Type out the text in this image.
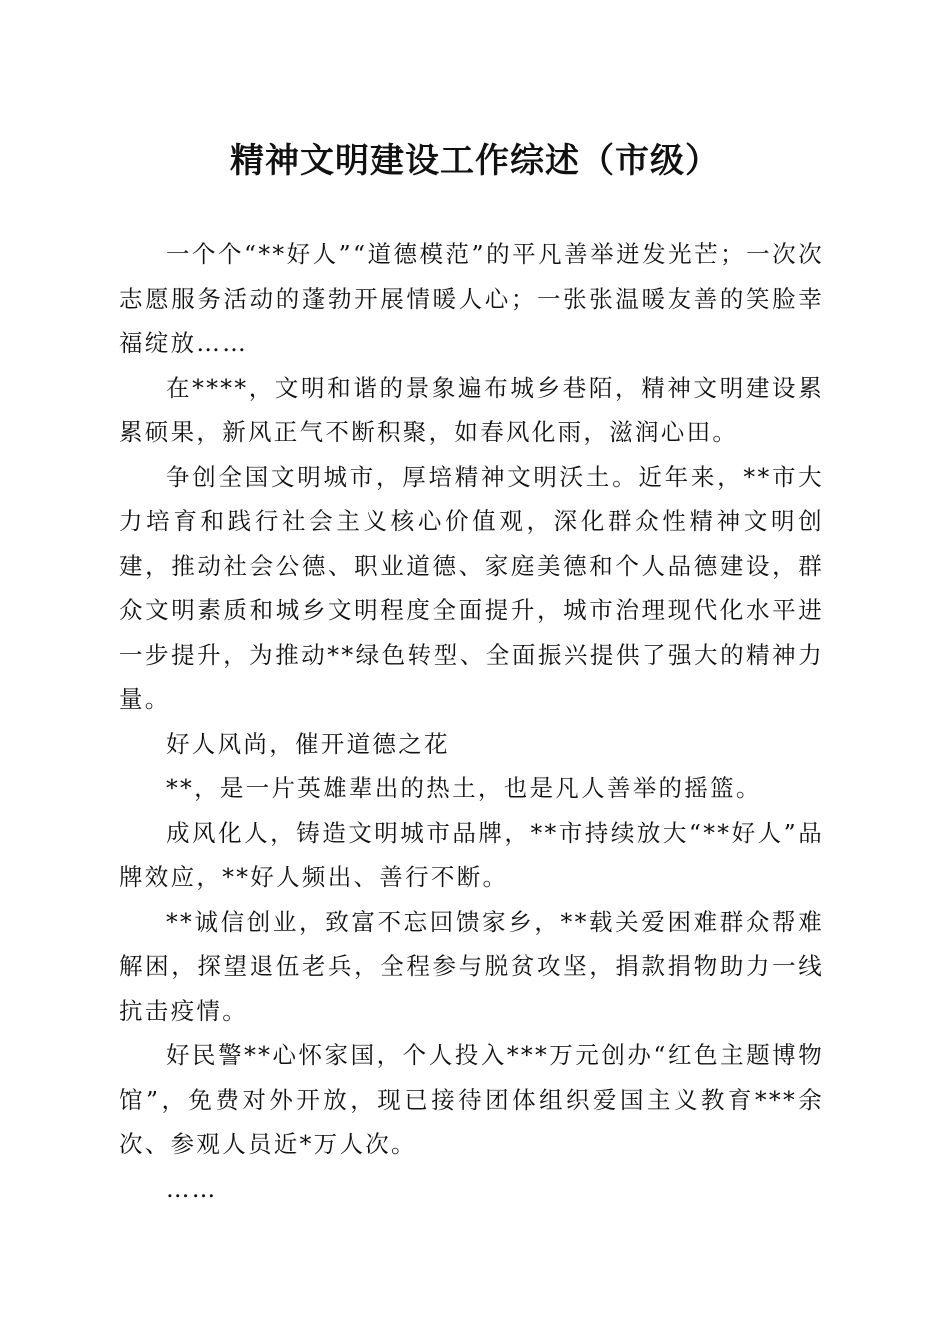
精神文明建设工作综述（市级）

一个个“**好人”“道德模范”的平凡善举迸发光芒；一次次志愿服务活动的蓬勃开展情暖人心；一张张温暖友善的笑脸幸福绽放……

在****，文明和谐的景象遍布城乡巷陌，精神文明建设累累硕果，新风正气不断积聚，如春风化雨，滋润心田。

争创全国文明城市，厚培精神文明沃土。近年来，**市大力培育和践行社会主义核心价值观，深化群众性精神文明创建，推动社会公德、职业道德、家庭美德和个人品德建设，群众文明素质和城乡文明程度全面提升，城市治理现代化水平进一步提升，为推动**绿色转型、全面振兴提供了强大的精神力量。

好人风尚，催开道德之花

**，是一片英雄辈出的热土，也是凡人善举的摇篮。

成风化人，铸造文明城市品牌，**市持续放大“**好人”品牌效应，**好人频出、善行不断。

**诚信创业，致富不忘回馈家乡，**载关爱困难群众帮难解困，探望退伍老兵，全程参与脱贫攻坚，捐款捐物助力一线抗击疫情。

好民警**心怀家国，个人投入***万元创办“红色主题博物馆”，免费对外开放，现已接待团体组织爱国主义教育***余次、参观人员近*万人次。

……
